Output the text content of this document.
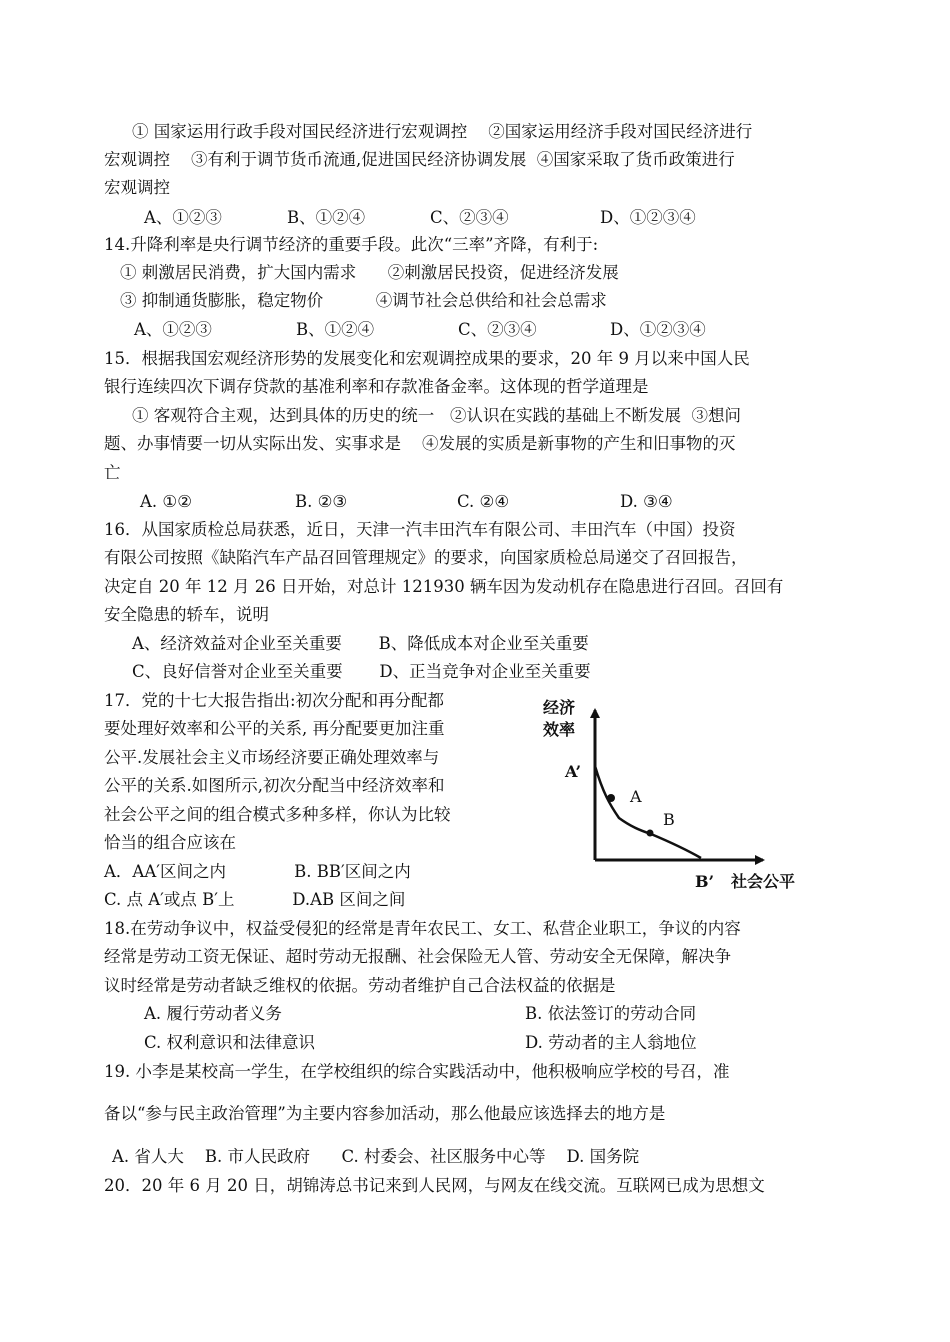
① 国家运用行政手段对国民经济进行宏观调控    ②国家运用经济手段对国民经济进行
宏观调控    ③有利于调节货币流通,促进国民经济协调发展  ④国家采取了货币政策进行
宏观调控
A、①②③	B、①②④	C、②③④	D、①②③④
14.升降利率是央行调节经济的重要手段。此次“三率”齐降，有利于:
① 刺激居民消费，扩大国内需求      ②刺激居民投资，促进经济发展
③ 抑制通货膨胀，稳定物价          ④调节社会总供给和社会总需求
A、①②③	B、①②④	C、②③④	D、①②③④
15．根据我国宏观经济形势的发展变化和宏观调控成果的要求，20 年 9 月以来中国人民
银行连续四次下调存贷款的基准利率和存款准备金率。这体现的哲学道理是
① 客观符合主观，达到具体的历史的统一   ②认识在实践的基础上不断发展  ③想问
题、办事情要一切从实际出发、实事求是    ④发展的实质是新事物的产生和旧事物的灭
亡
A. ①②	B. ②③	C. ②④	D. ③④
16．从国家质检总局获悉，近日，天津一汽丰田汽车有限公司、丰田汽车（中国）投资
有限公司按照《缺陷汽车产品召回管理规定》的要求，向国家质检总局递交了召回报告，
决定自 20 年 12 月 26 日开始，对总计 121930 辆车因为发动机存在隐患进行召回。召回有
安全隐患的轿车，说明
A、经济效益对企业至关重要       B、降低成本对企业至关重要
C、良好信誉对企业至关重要       D、正当竞争对企业至关重要
17．党的十七大报告指出:初次分配和再分配都
要处理好效率和公平的关系, 再分配要更加注重
公平.发展社会主义市场经济要正确处理效率与
公平的关系.如图所示,初次分配当中经济效率和
社会公平之间的组合模式多种多样，你认为比较
恰当的组合应该在
A．AA′区间之内             B. BB′区间之内
C. 点 A′或点 B′上           D.AB 区间之间
经济
效率
社会公平
A’
B’
A
B
18.在劳动争议中，权益受侵犯的经常是青年农民工、女工、私营企业职工，争议的内容
经常是劳动工资无保证、超时劳动无报酬、社会保险无人管、劳动安全无保障，解决争
议时经常是劳动者缺乏维权的依据。劳动者维护自己合法权益的依据是
A. 履行劳动者义务	B. 依法签订的劳动合同
C. 权利意识和法律意识	D. 劳动者的主人翁地位
19. 小李是某校高一学生，在学校组织的综合实践活动中，他积极响应学校的号召，准
备以“参与民主政治管理”为主要内容参加活动，那么他最应该选择去的地方是
A. 省人大    B. 市人民政府      C. 村委会、社区服务中心等    D. 国务院
20．20 年 6 月 20 日，胡锦涛总书记来到人民网，与网友在线交流。互联网已成为思想文
